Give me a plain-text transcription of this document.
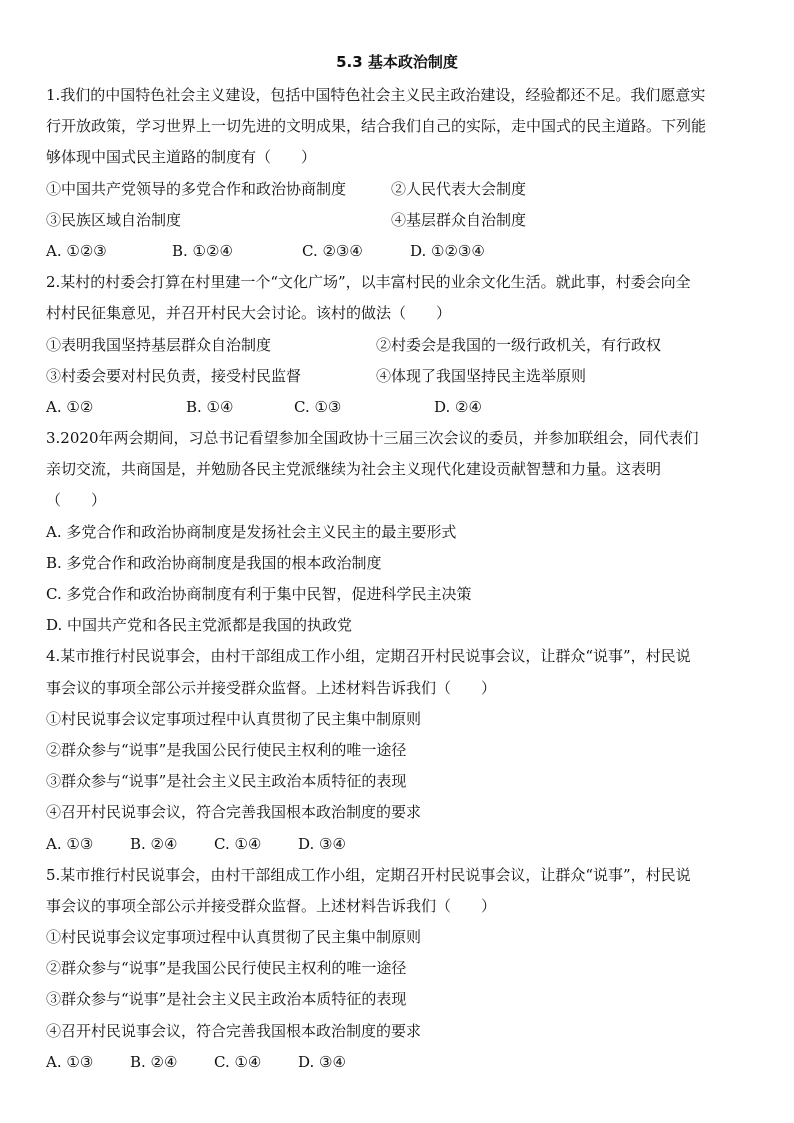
5.3 基本政治制度
1.我们的中国特色社会主义建设，包括中国特色社会主义民主政治建设，经验都还不足。我们愿意实
行开放政策，学习世界上一切先进的文明成果，结合我们自己的实际，走中国式的民主道路。下列能
够体现中国式民主道路的制度有（　　）
①中国共产党领导的多党合作和政治协商制度	②人民代表大会制度
③民族区域自治制度	④基层群众自治制度
A. ①②③	B. ①②④	C. ②③④	D. ①②③④
2.某村的村委会打算在村里建一个“文化广场”，以丰富村民的业余文化生活。就此事，村委会向全
村村民征集意见，并召开村民大会讨论。该村的做法（　　）
①表明我国坚持基层群众自治制度	②村委会是我国的一级行政机关，有行政权
③村委会要对村民负责，接受村民监督	④体现了我国坚持民主选举原则
A. ①②	B. ①④	C. ①③	D. ②④
3.2020年两会期间，习总书记看望参加全国政协十三届三次会议的委员，并参加联组会，同代表们
亲切交流，共商国是，并勉励各民主党派继续为社会主义现代化建设贡献智慧和力量。这表明
（　　）
A. 多党合作和政治协商制度是发扬社会主义民主的最主要形式
B. 多党合作和政治协商制度是我国的根本政治制度
C. 多党合作和政治协商制度有利于集中民智，促进科学民主决策
D. 中国共产党和各民主党派都是我国的执政党
4.某市推行村民说事会，由村干部组成工作小组，定期召开村民说事会议，让群众“说事”，村民说
事会议的事项全部公示并接受群众监督。上述材料告诉我们（　　）
①村民说事会议定事项过程中认真贯彻了民主集中制原则
②群众参与“说事”是我国公民行使民主权利的唯一途径
③群众参与“说事”是社会主义民主政治本质特征的表现
④召开村民说事会议，符合完善我国根本政治制度的要求
A. ①③ B. ②④ C. ①④ D. ③④
5.某市推行村民说事会，由村干部组成工作小组，定期召开村民说事会议，让群众“说事”，村民说
事会议的事项全部公示并接受群众监督。上述材料告诉我们（　　）
①村民说事会议定事项过程中认真贯彻了民主集中制原则
②群众参与“说事”是我国公民行使民主权利的唯一途径
③群众参与“说事”是社会主义民主政治本质特征的表现
④召开村民说事会议，符合完善我国根本政治制度的要求
A. ①③ B. ②④ C. ①④ D. ③④
